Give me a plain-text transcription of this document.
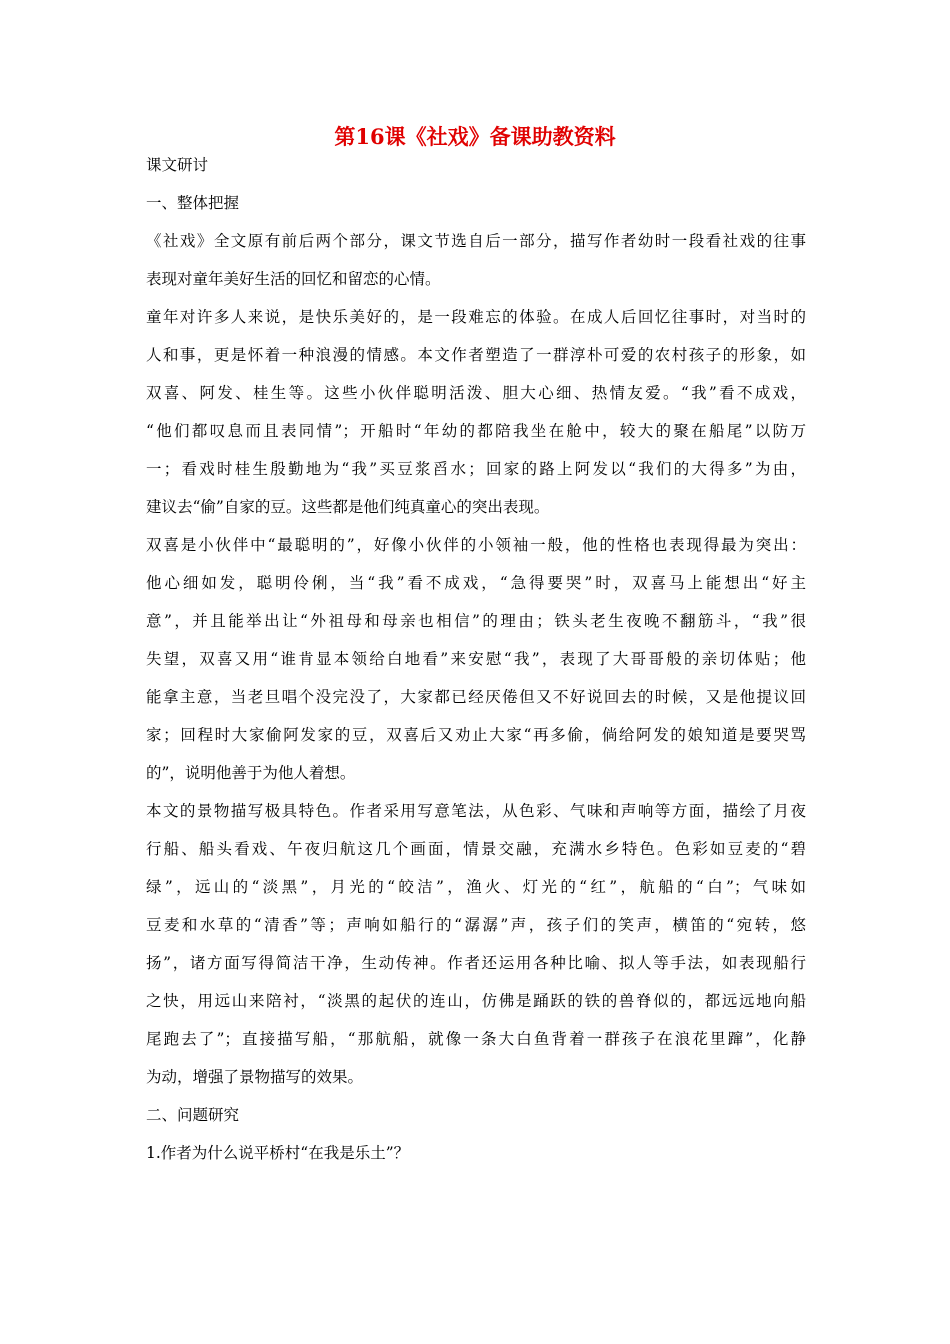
第16课《社戏》备课助教资料
课文研讨
一、整体把握
《社戏》全文原有前后两个部分，课文节选自后一部分，描写作者幼时一段看社戏的往事
表现对童年美好生活的回忆和留恋的心情。
童年对许多人来说，是快乐美好的，是一段难忘的体验。在成人后回忆往事时，对当时的
人和事，更是怀着一种浪漫的情感。本文作者塑造了一群淳朴可爱的农村孩子的形象，如
双喜、阿发、桂生等。这些小伙伴聪明活泼、胆大心细、热情友爱。“我”看不成戏，
“他们都叹息而且表同情”；开船时“年幼的都陪我坐在舱中，较大的聚在船尾”以防万
一；看戏时桂生殷勤地为“我”买豆浆舀水；回家的路上阿发以“我们的大得多”为由，
建议去“偷”自家的豆。这些都是他们纯真童心的突出表现。
双喜是小伙伴中“最聪明的”，好像小伙伴的小领袖一般，他的性格也表现得最为突出：
他心细如发，聪明伶俐，当“我”看不成戏，“急得要哭”时，双喜马上能想出“好主
意”，并且能举出让“外祖母和母亲也相信”的理由；铁头老生夜晚不翻筋斗，“我”很
失望，双喜又用“谁肯显本领给白地看”来安慰“我”，表现了大哥哥般的亲切体贴；他
能拿主意，当老旦唱个没完没了，大家都已经厌倦但又不好说回去的时候，又是他提议回
家；回程时大家偷阿发家的豆，双喜后又劝止大家“再多偷，倘给阿发的娘知道是要哭骂
的”，说明他善于为他人着想。
本文的景物描写极具特色。作者采用写意笔法，从色彩、气味和声响等方面，描绘了月夜
行船、船头看戏、午夜归航这几个画面，情景交融，充满水乡特色。色彩如豆麦的“碧
绿”，远山的“淡黑”，月光的“皎洁”，渔火、灯光的“红”，航船的“白”；气味如
豆麦和水草的“清香”等；声响如船行的“潺潺”声，孩子们的笑声，横笛的“宛转，悠
扬”，诸方面写得简洁干净，生动传神。作者还运用各种比喻、拟人等手法，如表现船行
之快，用远山来陪衬，“淡黑的起伏的连山，仿佛是踊跃的铁的兽脊似的，都远远地向船
尾跑去了”；直接描写船，“那航船，就像一条大白鱼背着一群孩子在浪花里蹿”，化静
为动，增强了景物描写的效果。
二、问题研究
1.作者为什么说平桥村“在我是乐土”？
